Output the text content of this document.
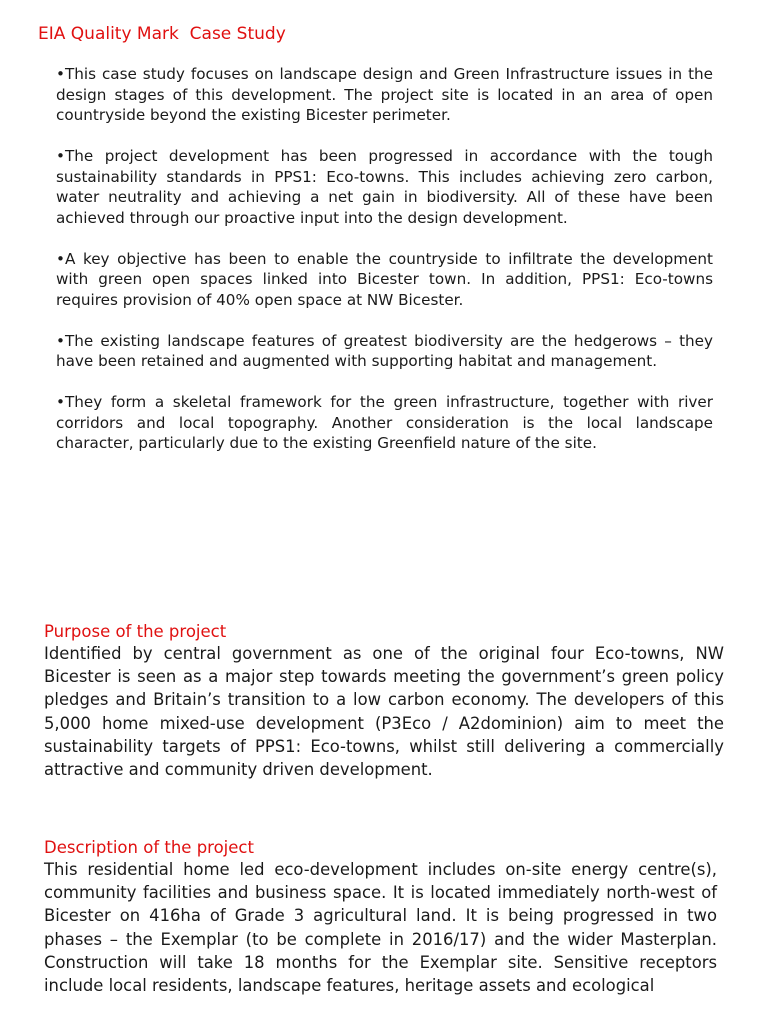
EIA Quality Mark  Case Study
•This case study focuses on landscape design and Green Infrastructure issues in the design stages of this development. The project site is located in an area of open countryside beyond the existing Bicester perimeter.
•The project development has been progressed in accordance with the tough sustainability standards in PPS1: Eco-towns. This includes achieving zero carbon, water neutrality and achieving a net gain in biodiversity. All of these have been achieved through our proactive input into the design development.
•A key objective has been to enable the countryside to infiltrate the development with green open spaces linked into Bicester town. In addition, PPS1: Eco-towns requires provision of 40% open space at NW Bicester.
•The existing landscape features of greatest biodiversity are the hedgerows – they have been retained and augmented with supporting habitat and management.
•They form a skeletal framework for the green infrastructure, together with river corridors and local topography. Another consideration is the local landscape character, particularly due to the existing Greenfield nature of the site.
Purpose of the project

Identified by central government as one of the original four Eco-towns, NW Bicester is seen as a major step towards meeting the government’s green policy pledges and Britain’s transition to a low carbon economy. The developers of this 5,000 home mixed-use development (P3Eco / A2dominion) aim to meet the sustainability targets of PPS1: Eco-towns, whilst still delivering a commercially attractive and community driven development.

Description of the project

This residential home led eco-development includes on-site energy centre(s), community facilities and business space. It is located immediately north-west of Bicester on 416ha of Grade 3 agricultural land. It is being progressed in two phases – the Exemplar (to be complete in 2016/17) and the wider Masterplan. Construction will take 18 months for the Exemplar site. Sensitive receptors include local residents, landscape features, heritage assets and ecological
